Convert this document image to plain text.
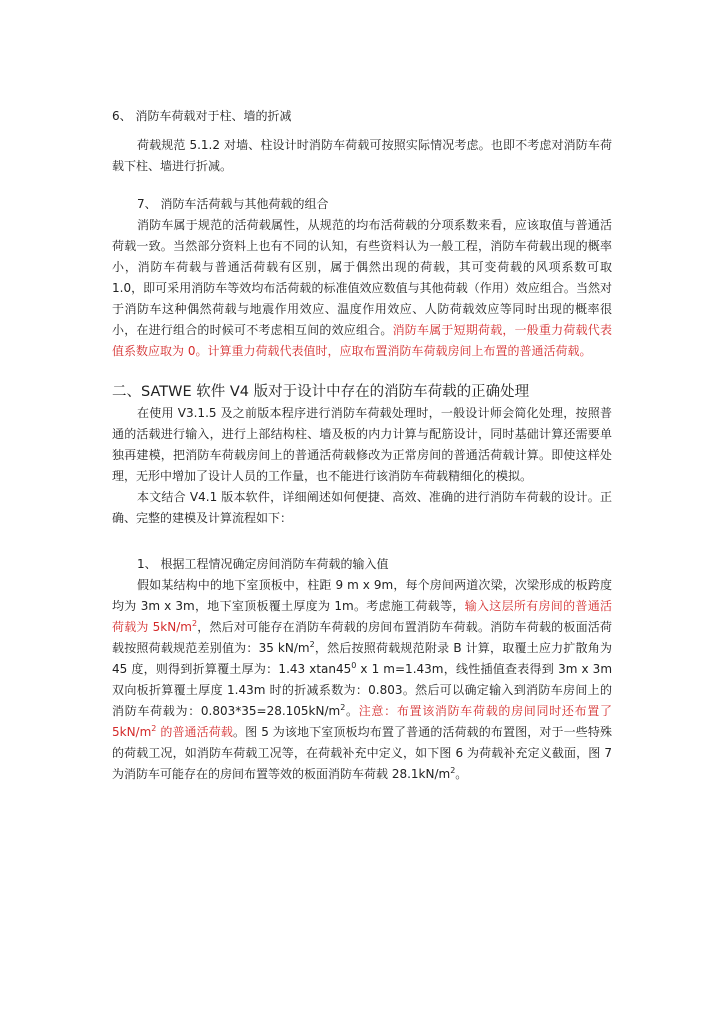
6、 消防车荷载对于柱、墙的折减

荷载规范 5.1.2 对墙、柱设计时消防车荷载可按照实际情况考虑。也即不考虑对消防车荷载下柱、墙进行折减。

7、 消防车活荷载与其他荷载的组合

消防车属于规范的活荷载属性，从规范的均布活荷载的分项系数来看，应该取值与普通活荷载一致。当然部分资料上也有不同的认知，有些资料认为一般工程，消防车荷载出现的概率小，消防车荷载与普通活荷载有区别，属于偶然出现的荷载，其可变荷载的风项系数可取 1.0，即可采用消防车等效均布活荷载的标准值效应数值与其他荷载（作用）效应组合。当然对于消防车这种偶然荷载与地震作用效应、温度作用效应、人防荷载效应等同时出现的概率很小，在进行组合的时候可不考虑相互间的效应组合。消防车属于短期荷载，一般重力荷载代表值系数应取为 0。计算重力荷载代表值时，应取布置消防车荷载房间上布置的普通活荷载。

二、SATWE 软件 V4 版对于设计中存在的消防车荷载的正确处理

在使用 V3.1.5 及之前版本程序进行消防车荷载处理时，一般设计师会简化处理，按照普通的活载进行输入，进行上部结构柱、墙及板的内力计算与配筋设计，同时基础计算还需要单独再建模，把消防车荷载房间上的普通活荷载修改为正常房间的普通活荷载计算。即使这样处理，无形中增加了设计人员的工作量，也不能进行该消防车荷载精细化的模拟。

本文结合 V4.1 版本软件，详细阐述如何便捷、高效、准确的进行消防车荷载的设计。正确、完整的建模及计算流程如下：

1、 根据工程情况确定房间消防车荷载的输入值

假如某结构中的地下室顶板中，柱距 9 m x 9m，每个房间两道次梁，次梁形成的板跨度均为 3m x 3m，地下室顶板覆土厚度为 1m。考虑施工荷载等，输入这层所有房间的普通活荷载为 $5kN/m^2$，然后对可能存在消防车荷载的房间布置消防车荷载。消防车荷载的板面活荷载按照荷载规范差别值为：35 $kN/m^2$，然后按照荷载规范附录 B 计算，取覆土应力扩散角为 45 度，则得到折算覆土厚为：1.43 $xtan45^0$ x 1 m=1.43m，线性插值查表得到 3m x 3m 双向板折算覆土厚度 1.43m 时的折减系数为：0.803。然后可以确定输入到消防车房间上的消防车荷载为：$0.803*35=28.105kN/m^2$。注意：布置该消防车荷载的房间同时还布置了 $5kN/m^2$ 的普通活荷载。图 5 为该地下室顶板均布置了普通的活荷载的布置图，对于一些特殊的荷载工况，如消防车荷载工况等，在荷载补充中定义，如下图 6 为荷载补充定义截面，图 7 为消防车可能存在的房间布置等效的板面消防车荷载 $28.1kN/m^2$。
